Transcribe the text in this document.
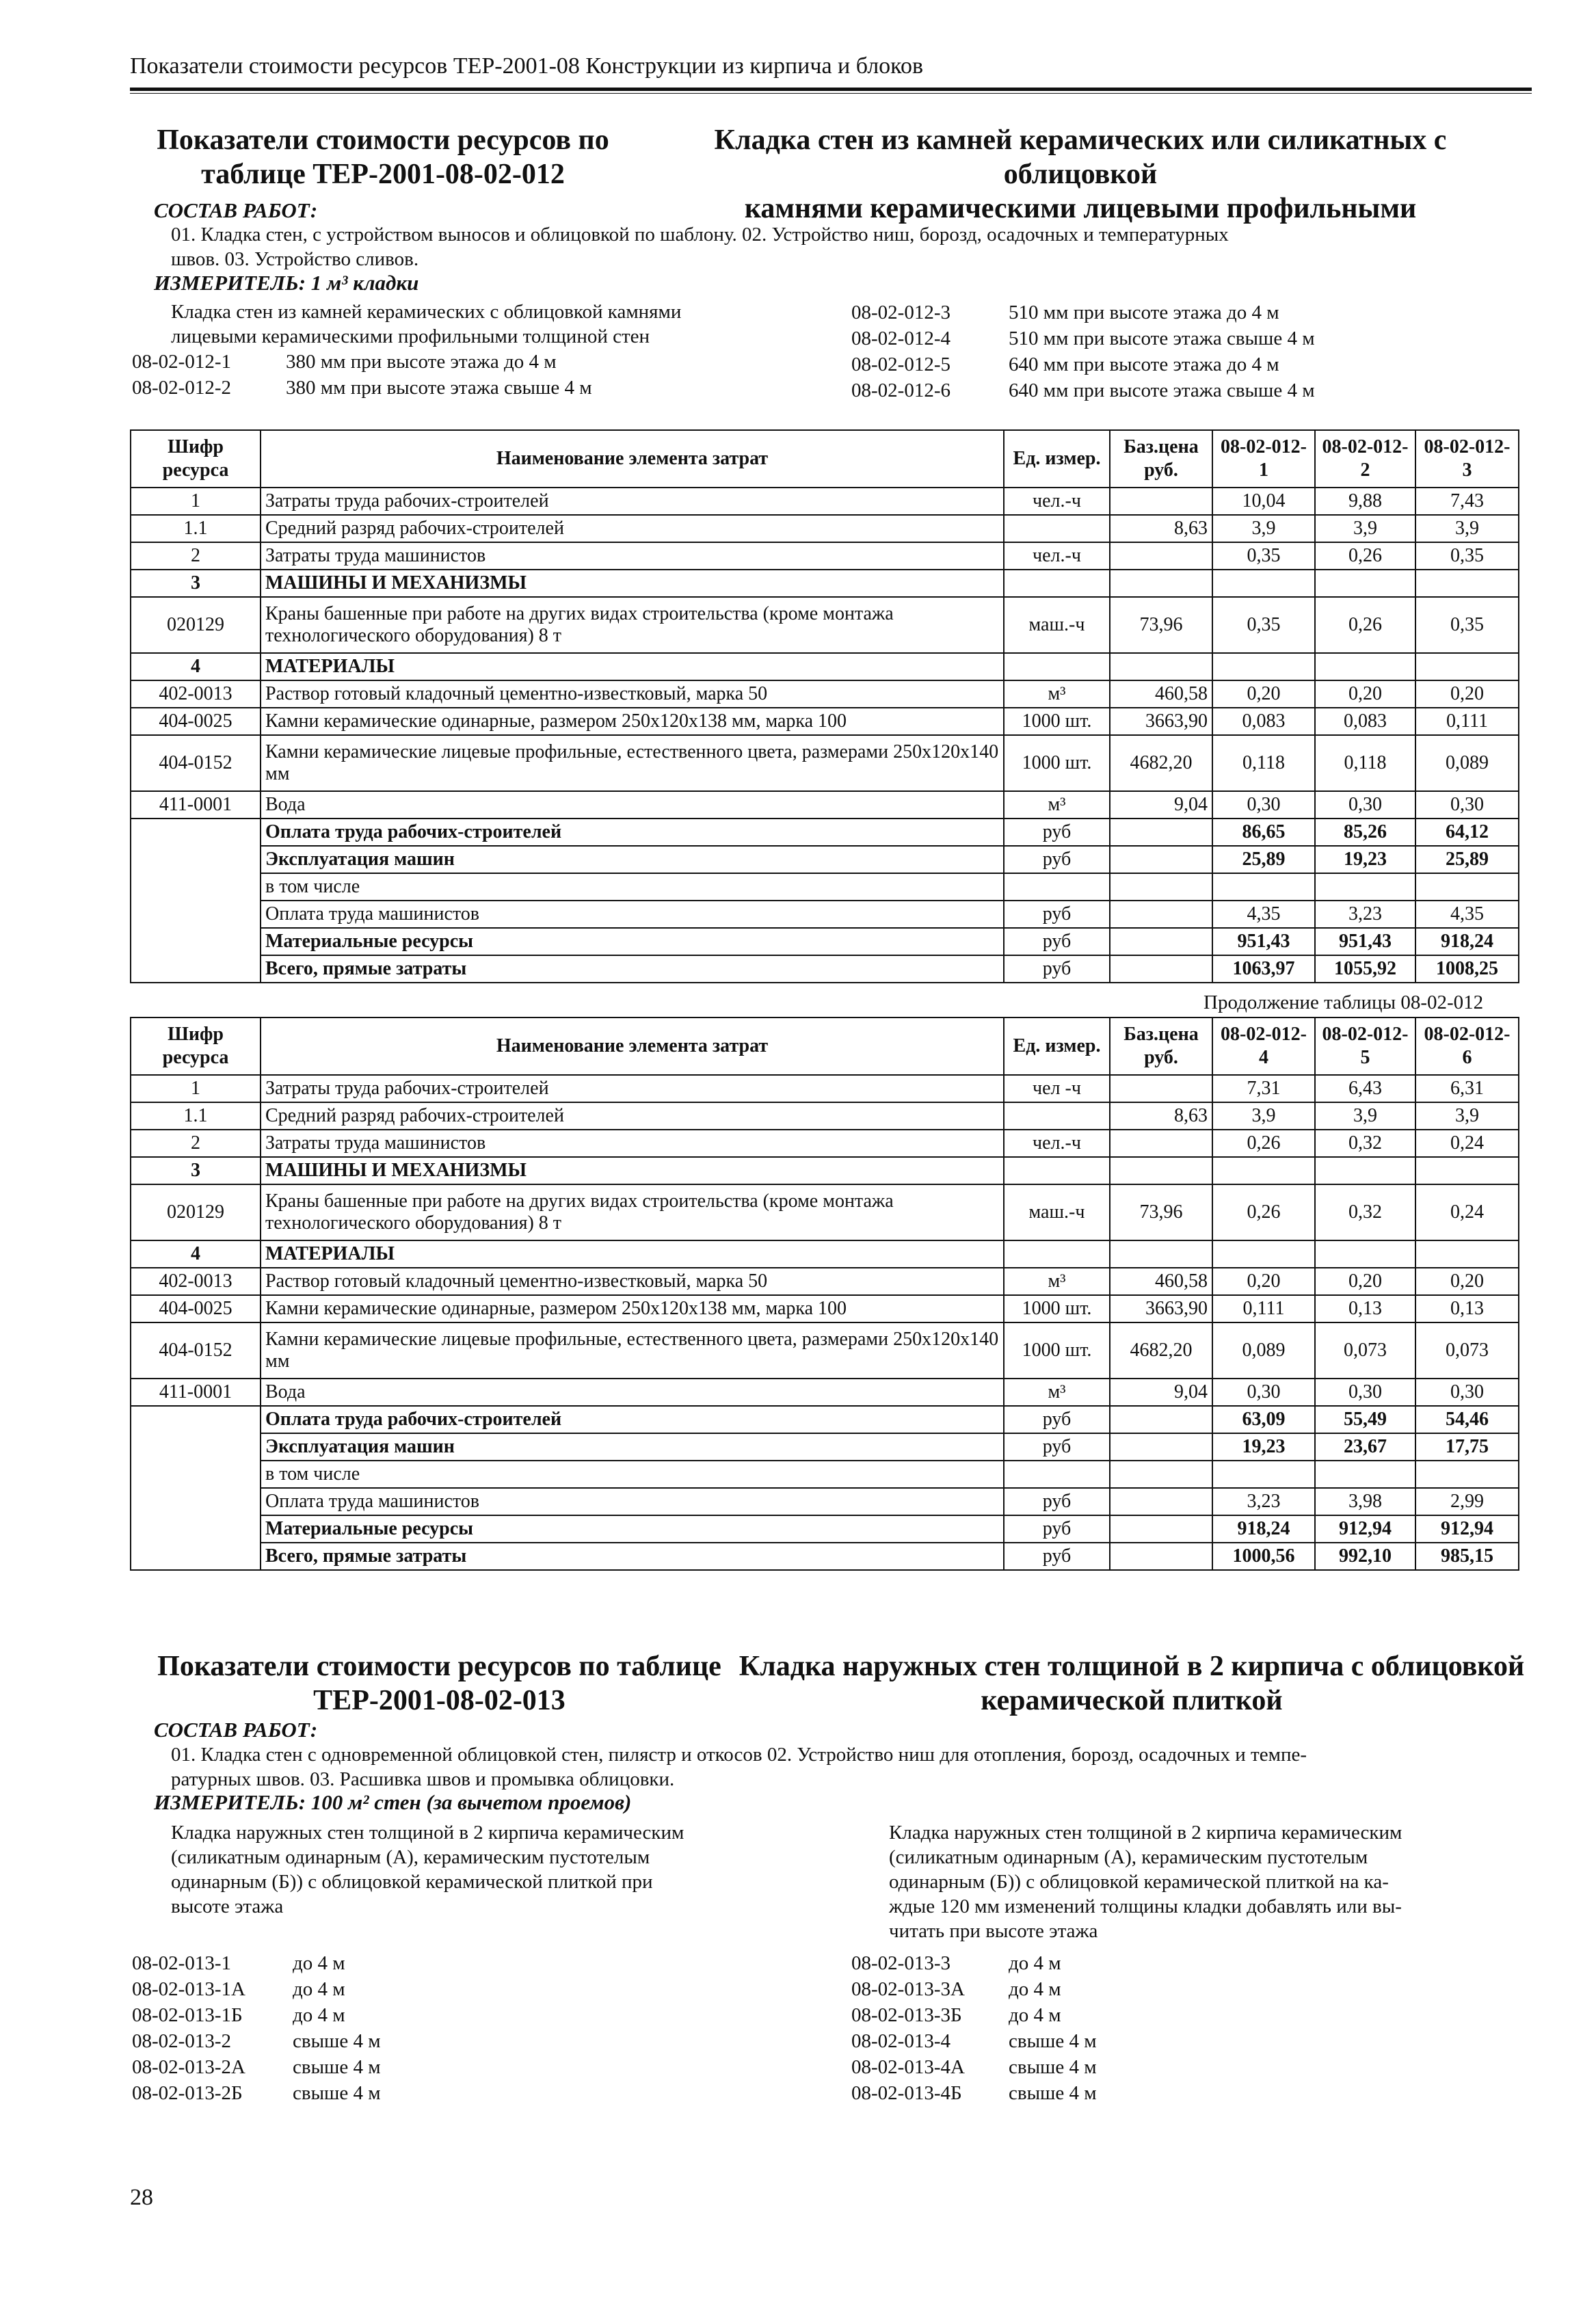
Показатели стоимости ресурсов ТЕР-2001-08 Конструкции из кирпича и блоков
Показатели стоимости ресурсов по
таблице ТЕР-2001-08-02-012
Кладка стен из камней керамических или силикатных с облицовкой
камнями керамическими лицевыми профильными
СОСТАВ РАБОТ:
01. Кладка стен, с устройством выносов и облицовкой по шаблону. 02. Устройство ниш, борозд, осадочных и температурных
швов. 03. Устройство сливов.
ИЗМЕРИТЕЛЬ: 1 м³ кладки
Кладка стен из камней керамических с облицовкой камнями
лицевыми керамическими профильными толщиной стен
08-02-012-1	380 мм при высоте этажа до 4 м
08-02-012-2	380 мм при высоте этажа свыше 4 м
08-02-012-3	510 мм при высоте этажа до 4 м
08-02-012-4	510 мм при высоте этажа свыше 4 м
08-02-012-5	640 мм при высоте этажа до 4 м
08-02-012-6	640 мм при высоте этажа свыше 4 м
Шифр ресурса	Наименование элемента затрат	Ед. измер.	Баз.цена руб.	08-02-012-1	08-02-012-2	08-02-012-3
1	Затраты труда рабочих-строителей	чел.-ч		10,04	9,88	7,43
1.1	Средний разряд рабочих-строителей		8,63	3,9	3,9	3,9
2	Затраты труда машинистов	чел.-ч		0,35	0,26	0,35
3	МАШИНЫ И МЕХАНИЗМЫ					
020129	Краны башенные при работе на других видах строительства (кроме монтажа технологического оборудования) 8 т	маш.-ч	73,96	0,35	0,26	0,35
4	МАТЕРИАЛЫ					
402-0013	Раствор готовый кладочный цементно-известковый, марка 50	м³	460,58	0,20	0,20	0,20
404-0025	Камни керамические одинарные, размером 250х120х138 мм, марка 100	1000 шт.	3663,90	0,083	0,083	0,111
404-0152	Камни керамические лицевые профильные, естественного цвета, размерами 250х120х140 мм	1000 шт.	4682,20	0,118	0,118	0,089
411-0001	Вода	м³	9,04	0,30	0,30	0,30
	Оплата труда рабочих-строителей	руб		86,65	85,26	64,12
	Эксплуатация машин	руб		25,89	19,23	25,89
	в том числе					
	Оплата труда машинистов	руб		4,35	3,23	4,35
	Материальные ресурсы	руб		951,43	951,43	918,24
	Всего, прямые затраты	руб		1063,97	1055,92	1008,25
Продолжение таблицы 08-02-012
Шифр ресурса	Наименование элемента затрат	Ед. измер.	Баз.цена руб.	08-02-012-4	08-02-012-5	08-02-012-6
1	Затраты труда рабочих-строителей	чел -ч		7,31	6,43	6,31
1.1	Средний разряд рабочих-строителей		8,63	3,9	3,9	3,9
2	Затраты труда машинистов	чел.-ч		0,26	0,32	0,24
3	МАШИНЫ И МЕХАНИЗМЫ					
020129	Краны башенные при работе на других видах строительства (кроме монтажа технологического оборудования) 8 т	маш.-ч	73,96	0,26	0,32	0,24
4	МАТЕРИАЛЫ					
402-0013	Раствор готовый кладочный цементно-известковый, марка 50	м³	460,58	0,20	0,20	0,20
404-0025	Камни керамические одинарные, размером 250х120х138 мм, марка 100	1000 шт.	3663,90	0,111	0,13	0,13
404-0152	Камни керамические лицевые профильные, естественного цвета, размерами 250х120х140 мм	1000 шт.	4682,20	0,089	0,073	0,073
411-0001	Вода	м³	9,04	0,30	0,30	0,30
	Оплата труда рабочих-строителей	руб		63,09	55,49	54,46
	Эксплуатация машин	руб		19,23	23,67	17,75
	в том числе					
	Оплата труда машинистов	руб		3,23	3,98	2,99
	Материальные ресурсы	руб		918,24	912,94	912,94
	Всего, прямые затраты	руб		1000,56	992,10	985,15
Показатели стоимости ресурсов по таблице
ТЕР-2001-08-02-013
Кладка наружных стен толщиной в 2 кирпича с облицовкой
керамической плиткой
СОСТАВ РАБОТ:
01. Кладка стен с одновременной облицовкой стен, пилястр и откосов 02. Устройство ниш для отопления, борозд, осадочных и темпе-
ратурных швов. 03. Расшивка швов и промывка облицовки.
ИЗМЕРИТЕЛЬ: 100 м² стен (за вычетом проемов)
Кладка наружных стен толщиной в 2 кирпича керамическим
(силикатным одинарным (А), керамическим пустотелым
одинарным (Б)) с облицовкой керамической плиткой при
высоте этажа
Кладка наружных стен толщиной в 2 кирпича керамическим
(силикатным одинарным (А), керамическим пустотелым
одинарным (Б)) с облицовкой керамической плиткой на ка-
ждые 120 мм изменений толщины кладки добавлять или вы-
читать при высоте этажа
08-02-013-1	до 4 м
08-02-013-1А до 4 м
08-02-013-1Б	до 4 м
08-02-013-2	свыше 4 м
08-02-013-2А свыше 4 м
08-02-013-2Б	свыше 4 м
08-02-013-3	до 4 м
08-02-013-3А до 4 м
08-02-013-3Б до 4 м
08-02-013-4	свыше 4 м
08-02-013-4А свыше 4 м
08-02-013-4Б свыше 4 м
28
